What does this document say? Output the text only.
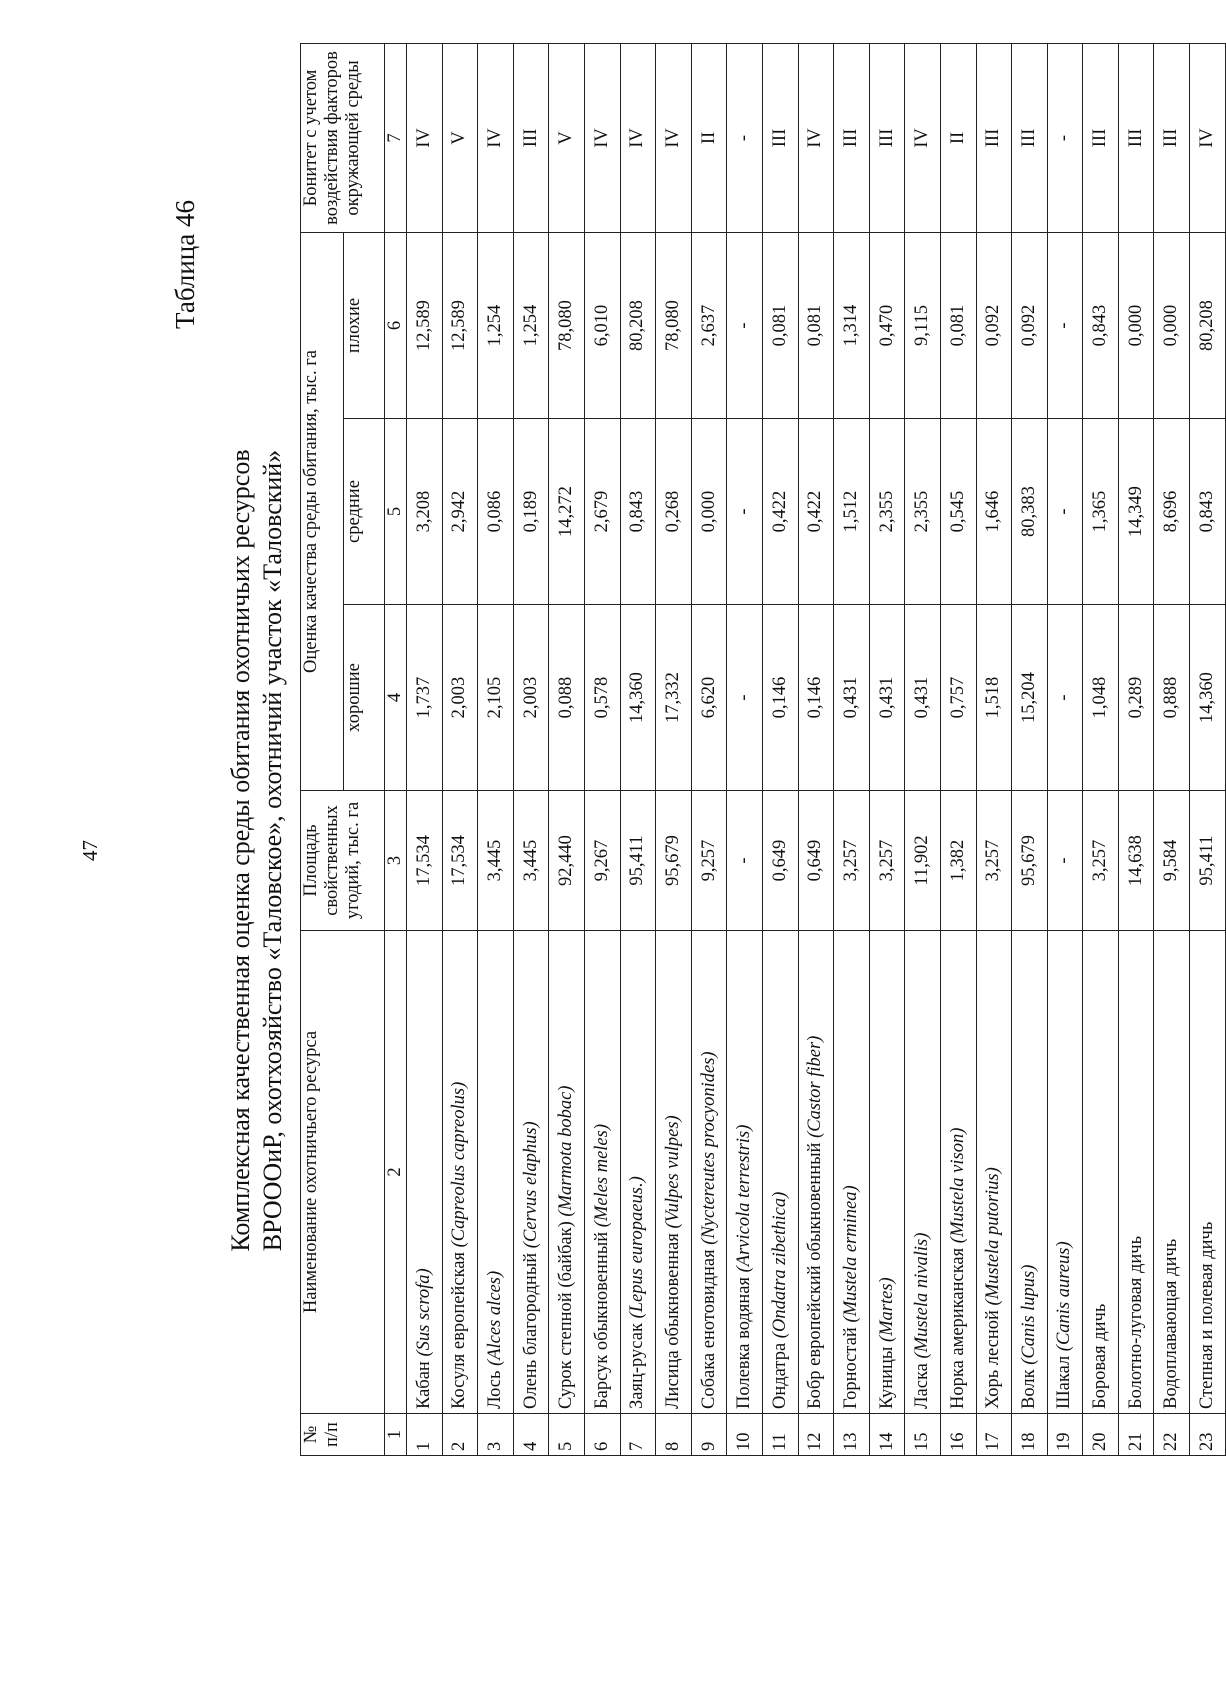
47
Таблица 46
Комплексная качественная оценка среды обитания охотничьих ресурсов ВРОООиР, охотхозяйство «Таловское», охотничий участок «Таловский»
№ п/п	Наименование охотничьего ресурса	Площадь свойственных угодий, тыс. га	Оценка качества среды обитания, тыс. га			Бонитет с учетом воздействия факторов окружающей среды

			хорошие	средние	плохие	
1	2	3	4	5	6	7
1	Кабан (Sus scrofa)	17,534	1,737	3,208	12,589	IV
2	Косуля европейская (Capreolus capreolus)	17,534	2,003	2,942	12,589	V
3	Лось (Alces alces)	3,445	2,105	0,086	1,254	IV
4	Олень благородный (Cervus elaphus)	3,445	2,003	0,189	1,254	III
5	Сурок степной (байбак) (Marmota bobac)	92,440	0,088	14,272	78,080	V
6	Барсук обыкновенный (Meles meles)	9,267	0,578	2,679	6,010	IV
7	Заяц-русак (Lepus europaeus.)	95,411	14,360	0,843	80,208	IV
8	Лисица обыкновенная (Vulpes vulpes)	95,679	17,332	0,268	78,080	IV
9	Собака енотовидная (Nyctereutes procyonides)	9,257	6,620	0,000	2,637	II
10	Полевка водяная (Arvicola terrestris)	-	-	-	-	-
11	Ондатра (Ondatra zibethica)	0,649	0,146	0,422	0,081	III
12	Бобр европейский обыкновенный (Castor fiber)	0,649	0,146	0,422	0,081	IV
13	Горностай (Mustela erminea)	3,257	0,431	1,512	1,314	III
14	Куницы (Martes)	3,257	0,431	2,355	0,470	III
15	Ласка (Mustela nivalis)	11,902	0,431	2,355	9,115	IV
16	Норка американская (Mustela vison)	1,382	0,757	0,545	0,081	II
17	Хорь лесной (Mustela putorius)	3,257	1,518	1,646	0,092	III
18	Волк (Canis lupus)	95,679	15,204	80,383	0,092	III
19	Шакал (Canis aureus)	-	-	-	-	-
20	Боровая дичь	3,257	1,048	1,365	0,843	III
21	Болотно-луговая дичь	14,638	0,289	14,349	0,000	III
22	Водоплавающая дичь	9,584	0,888	8,696	0,000	III
23	Степная и полевая дичь	95,411	14,360	0,843	80,208	IV
